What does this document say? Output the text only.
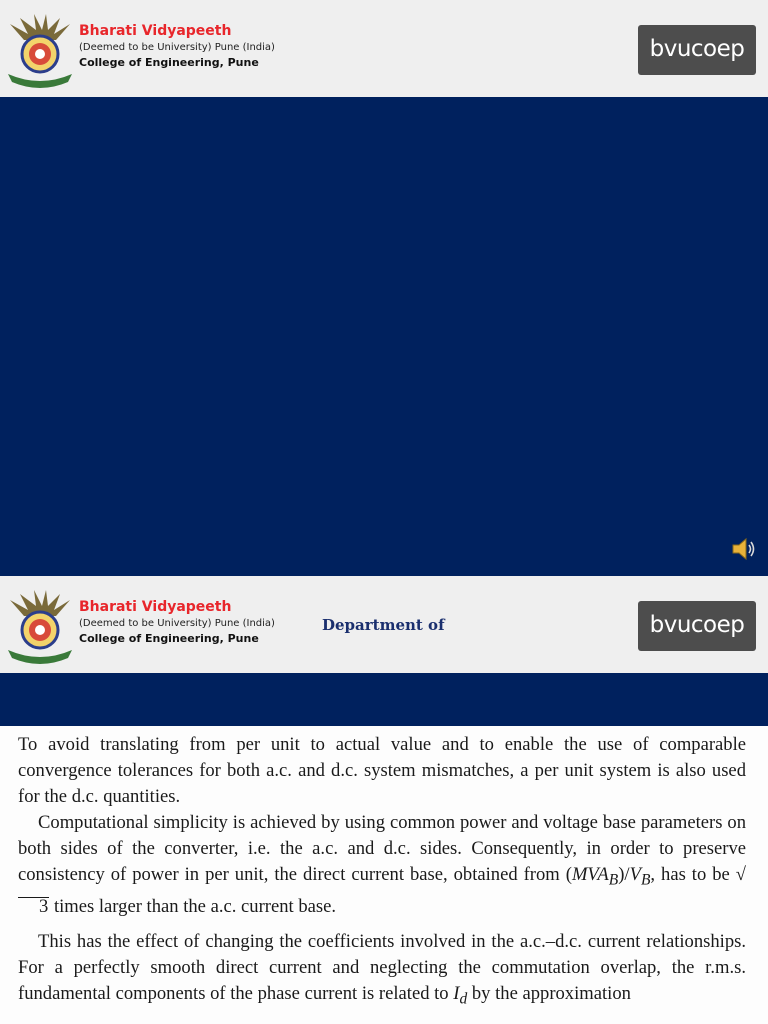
Bharati Vidyapeeth
(Deemed to be University) Pune (India)
College of Engineering, Pune
bvucoep
Bharati Vidyapeeth
(Deemed to be University) Pune (India)
College of Engineering, Pune
Department of	bvucoep

To avoid translating from per unit to actual value and to enable the use of comparable convergence tolerances for both a.c. and d.c. system mismatches, a per unit system is also used for the d.c. quantities.

Computational simplicity is achieved by using common power and voltage base parameters on both sides of the converter, i.e. the a.c. and d.c. sides. Consequently, in order to preserve consistency of power in per unit, the direct current base, obtained from $(MVA_B)/V_B$, has to be √3 times larger than the a.c. current base.

This has the effect of changing the coefficients involved in the a.c.–d.c. current relationships. For a perfectly smooth direct current and neglecting the commutation overlap, the r.m.s. fundamental components of the phase current is related to $I_d$ by the approximation
